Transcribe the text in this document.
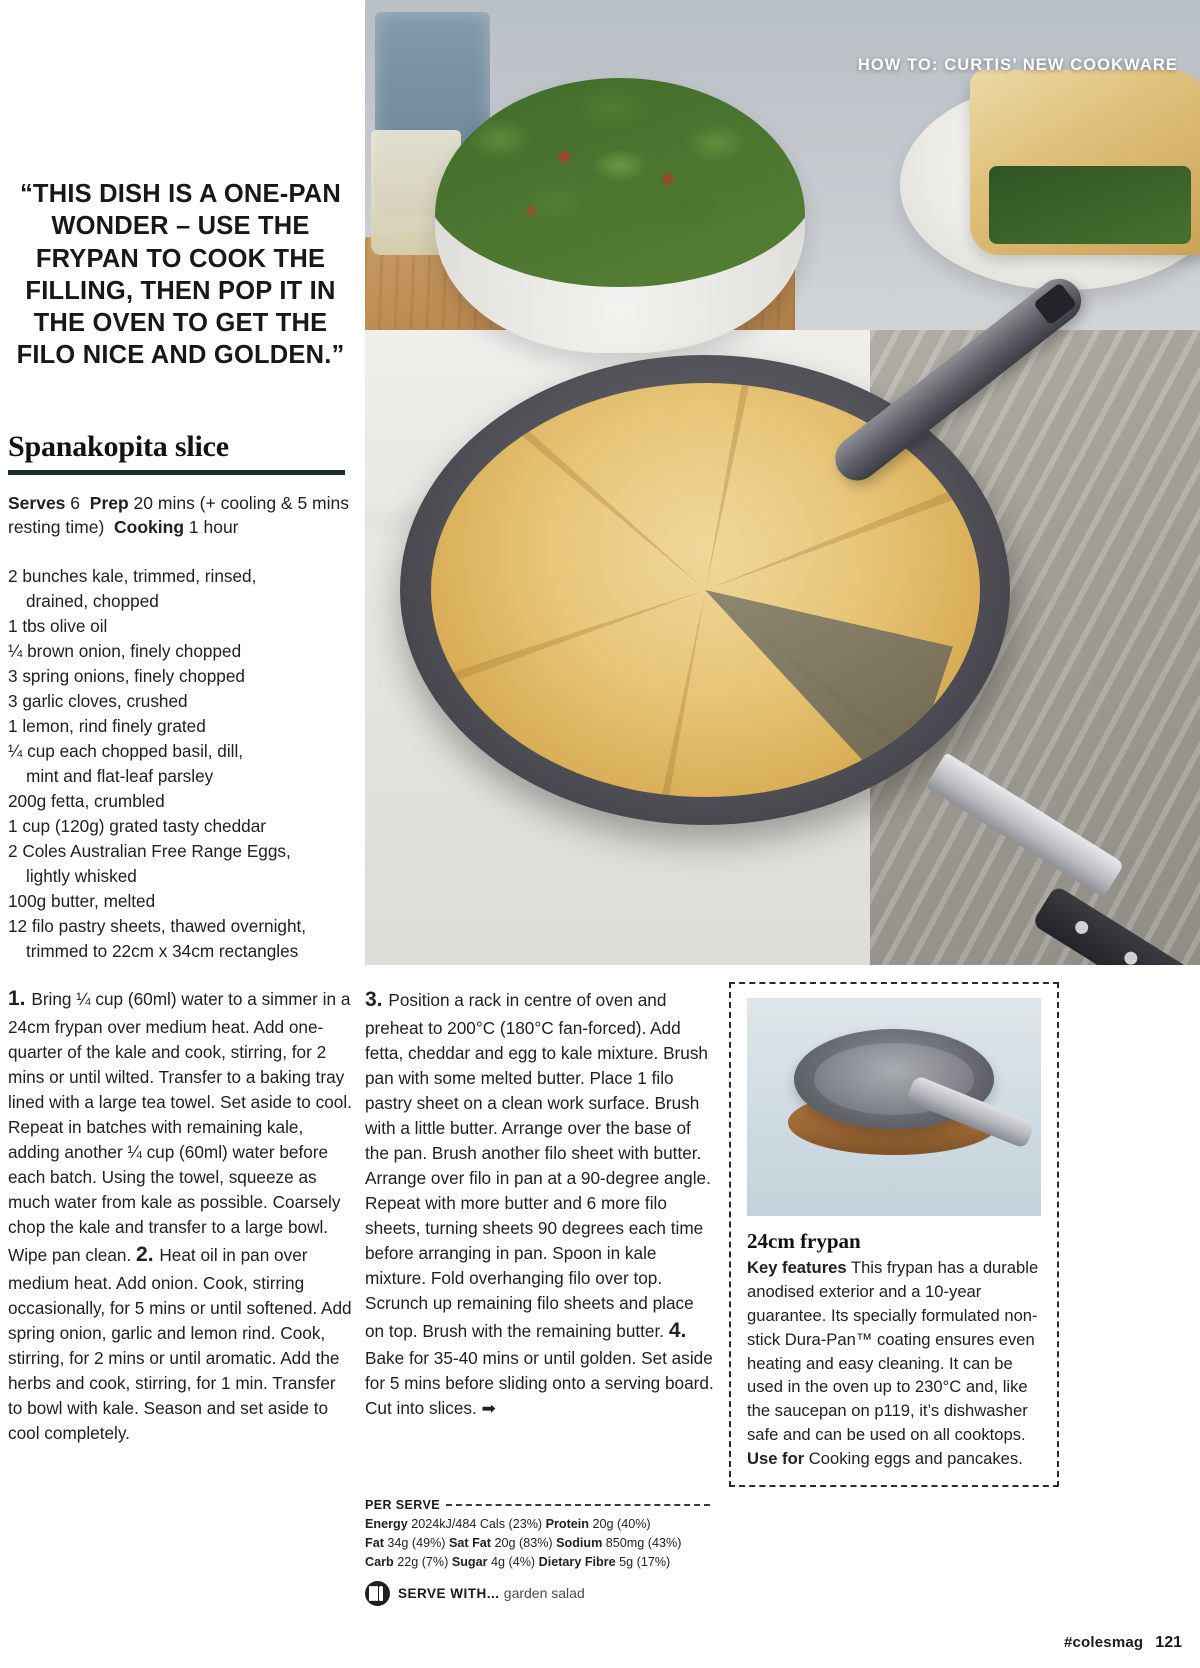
HOW TO: CURTIS’ NEW COOKWARE
“THIS DISH IS A ONE-PAN WONDER – USE THE FRYPAN TO COOK THE FILLING, THEN POP IT IN THE OVEN TO GET THE FILO NICE AND GOLDEN.”
Spanakopita slice
Serves 6 Prep 20 mins (+ cooling & 5 mins resting time) Cooking 1 hour
2 bunches kale, trimmed, rinsed,
drained, chopped
1 tbs olive oil
¼ brown onion, finely chopped
3 spring onions, finely chopped
3 garlic cloves, crushed
1 lemon, rind finely grated
¼ cup each chopped basil, dill,
mint and flat-leaf parsley
200g fetta, crumbled
1 cup (120g) grated tasty cheddar
2 Coles Australian Free Range Eggs,
lightly whisked
100g butter, melted
12 filo pastry sheets, thawed overnight,
trimmed to 22cm x 34cm rectangles
1. Bring ¼ cup (60ml) water to a simmer in a 24cm frypan over medium heat. Add one-quarter of the kale and cook, stirring, for 2 mins or until wilted. Transfer to a baking tray lined with a large tea towel. Set aside to cool. Repeat in batches with remaining kale, adding another ¼ cup (60ml) water before each batch. Using the towel, squeeze as much water from kale as possible. Coarsely chop the kale and transfer to a large bowl. Wipe pan clean. 2. Heat oil in pan over medium heat. Add onion. Cook, stirring occasionally, for 5 mins or until softened. Add spring onion, garlic and lemon rind. Cook, stirring, for 2 mins or until aromatic. Add the herbs and cook, stirring, for 1 min. Transfer to bowl with kale. Season and set aside to cool completely.
3. Position a rack in centre of oven and preheat to 200°C (180°C fan-forced). Add fetta, cheddar and egg to kale mixture. Brush pan with some melted butter. Place 1 filo pastry sheet on a clean work surface. Brush with a little butter. Arrange over the base of the pan. Brush another filo sheet with butter. Arrange over filo in pan at a 90-degree angle. Repeat with more butter and 6 more filo sheets, turning sheets 90 degrees each time before arranging in pan. Spoon in kale mixture. Fold overhanging filo over top. Scrunch up remaining filo sheets and place on top. Brush with the remaining butter. 4. Bake for 35-40 mins or until golden. Set aside for 5 mins before sliding onto a serving board. Cut into slices. ➡
PER SERVE
Energy 2024kJ/484 Cals (23%) Protein 20g (40%)
Fat 34g (49%) Sat Fat 20g (83%) Sodium 850mg (43%)
Carb 22g (7%) Sugar 4g (4%) Dietary Fibre 5g (17%)
SERVE WITH... garden salad
24cm frypan
Key features This frypan has a durable anodised exterior and a 10-year guarantee. Its specially formulated non-stick Dura-Pan™ coating ensures even heating and easy cleaning. It can be used in the oven up to 230°C and, like the saucepan on p119, it’s dishwasher safe and can be used on all cooktops. Use for Cooking eggs and pancakes.
#colesmag 121
